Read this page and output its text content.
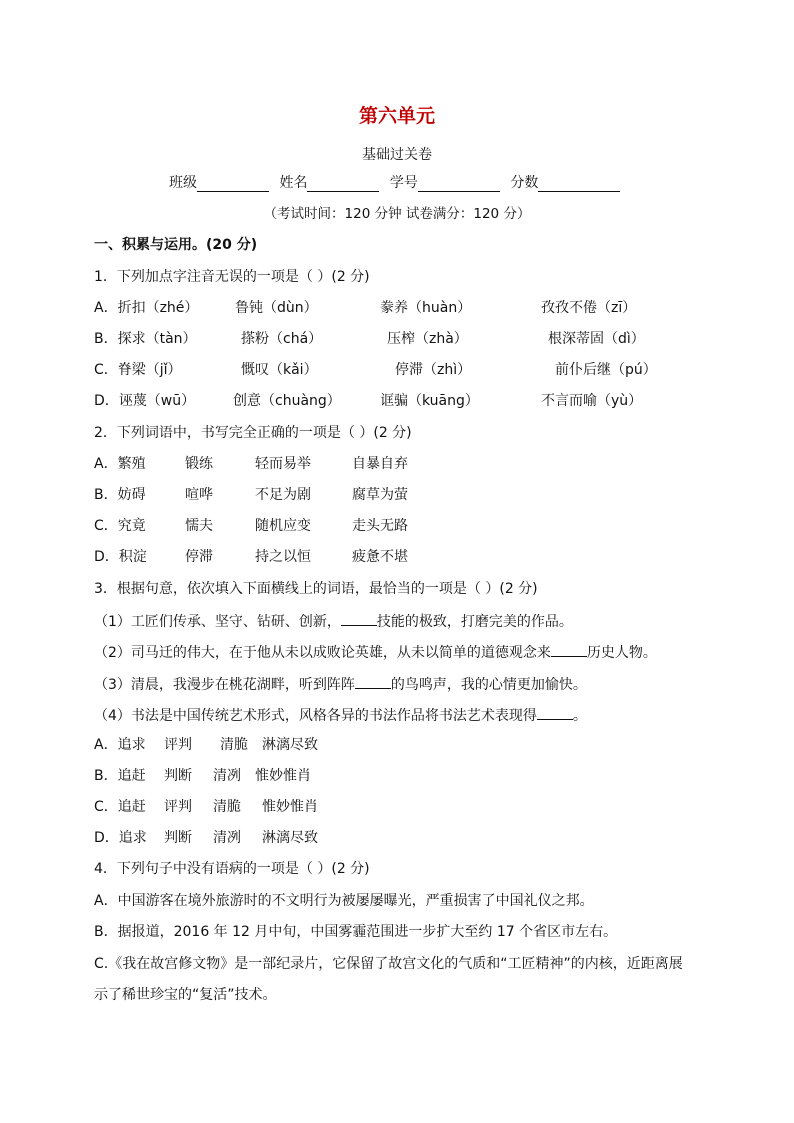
第六单元
基础过关卷
班级	姓名	学号	分数
（考试时间：120 分钟 试卷满分：120 分）
一、积累与运用。(20 分)
1．下列加点字注音无误的一项是（ ）(2 分)
A．折扣（zhé）	鲁钝（dùn）	豢养（huàn）	孜孜不倦（zī）
B．探求（tàn）	搽粉（chá）	压榨（zhà）	根深蒂固（dì）
C．脊梁（jǐ）	慨叹（kǎi）	停滞（zhì）	前仆后继（pú）
D．诬蔑（wū）	创意（chuàng）	诓骗（kuāng）	不言而喻（yù）
2．下列词语中，书写完全正确的一项是（ ）(2 分)
A．繁殖	锻练	轻而易举	自暴自弃
B．妨碍	喧哗	不足为剧	腐草为萤
C．究竟	懦夫	随机应变	走头无路
D．积淀	停滞	持之以恒	疲惫不堪
3．根据句意，依次填入下面横线上的词语，最恰当的一项是（ ）(2 分)
（1）工匠们传承、坚守、钻研、创新，	技能的极致，打磨完美的作品。
（2）司马迁的伟大，在于他从未以成败论英雄，从未以简单的道德观念来	历史人物。
（3）清晨，我漫步在桃花湖畔，听到阵阵	的鸟鸣声，我的心情更加愉快。
（4）书法是中国传统艺术形式，风格各异的书法作品将书法艺术表现得	。
A．追求 评判 清脆 淋漓尽致
B．追赶 判断 清冽 惟妙惟肖
C．追赶 评判 清脆 惟妙惟肖
D．追求 判断 清冽 淋漓尽致
4．下列句子中没有语病的一项是（ ）(2 分)
A．中国游客在境外旅游时的不文明行为被屡屡曝光，严重损害了中国礼仪之邦。
B．据报道，2016 年 12 月中旬，中国雾霾范围进一步扩大至约 17 个省区市左右。
C.《我在故宫修文物》是一部纪录片，它保留了故宫文化的气质和“工匠精神”的内核，近距离展
示了稀世珍宝的“复活”技术。
